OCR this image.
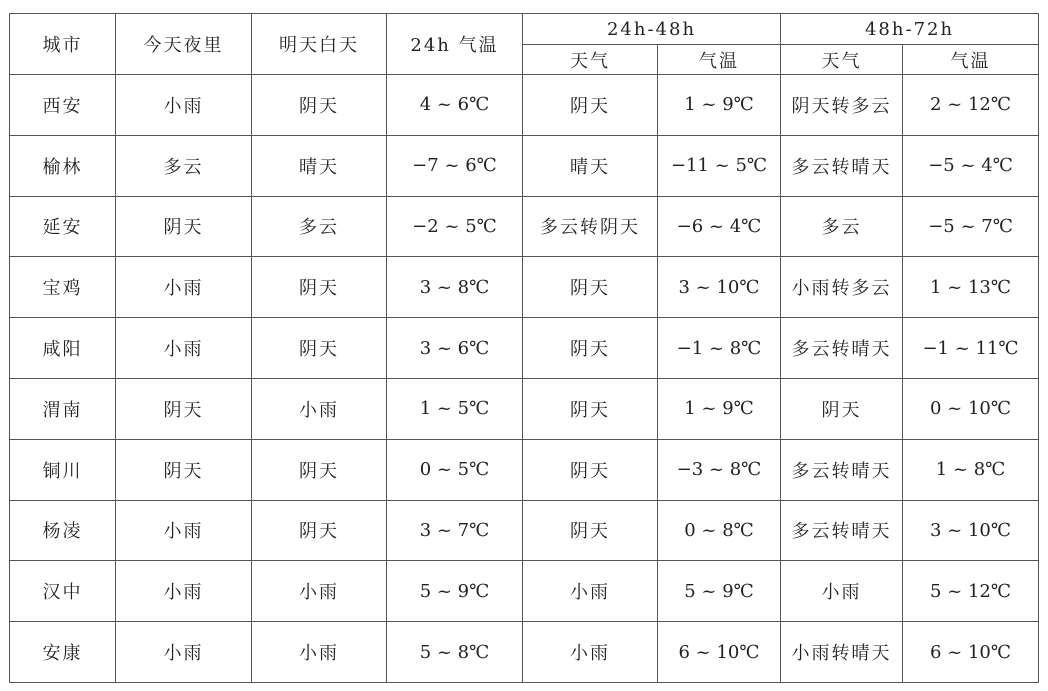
城市	今天夜里	明天白天	24h 气温	24h-48h		48h-72h	
				天气	气温	天气	气温
西安	小雨	阴天	4 ~ 6℃	阴天	1 ~ 9℃	阴天转多云	2 ~ 12℃
榆林	多云	晴天	−7 ~ 6℃	晴天	−11 ~ 5℃	多云转晴天	−5 ~ 4℃
延安	阴天	多云	−2 ~ 5℃	多云转阴天	−6 ~ 4℃	多云	−5 ~ 7℃
宝鸡	小雨	阴天	3 ~ 8℃	阴天	3 ~ 10℃	小雨转多云	1 ~ 13℃
咸阳	小雨	阴天	3 ~ 6℃	阴天	−1 ~ 8℃	多云转晴天	−1 ~ 11℃
渭南	阴天	小雨	1 ~ 5℃	阴天	1 ~ 9℃	阴天	0 ~ 10℃
铜川	阴天	阴天	0 ~ 5℃	阴天	−3 ~ 8℃	多云转晴天	1 ~ 8℃
杨凌	小雨	阴天	3 ~ 7℃	阴天	0 ~ 8℃	多云转晴天	3 ~ 10℃
汉中	小雨	小雨	5 ~ 9℃	小雨	5 ~ 9℃	小雨	5 ~ 12℃
安康	小雨	小雨	5 ~ 8℃	小雨	6 ~ 10℃	小雨转晴天	6 ~ 10℃
